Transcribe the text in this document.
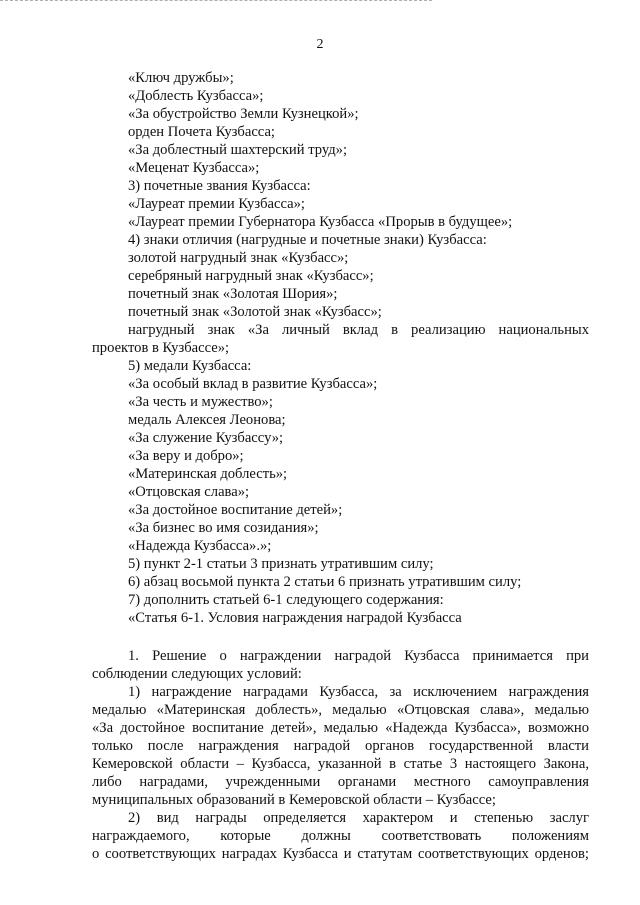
2
«Ключ дружбы»;
«Доблесть Кузбасса»;
«За обустройство Земли Кузнецкой»;
орден Почета Кузбасса;
«За доблестный шахтерский труд»;
«Меценат Кузбасса»;
3) почетные звания Кузбасса:
«Лауреат премии Кузбасса»;
«Лауреат премии Губернатора Кузбасса «Прорыв в будущее»;
4) знаки отличия (нагрудные и почетные знаки) Кузбасса:
золотой нагрудный знак «Кузбасс»;
серебряный нагрудный знак «Кузбасс»;
почетный знак «Золотая Шория»;
почетный знак «Золотой знак «Кузбасс»;
нагрудный знак «За личный вклад в реализацию национальных
проектов в Кузбассе»;
5) медали Кузбасса:
«За особый вклад в развитие Кузбасса»;
«За честь и мужество»;
медаль Алексея Леонова;
«За служение Кузбассу»;
«За веру и добро»;
«Материнская доблесть»;
«Отцовская слава»;
«За достойное воспитание детей»;
«За бизнес во имя созидания»;
«Надежда Кузбасса».»;
5) пункт 2-1 статьи 3 признать утратившим силу;
6) абзац восьмой пункта 2 статьи 6 признать утратившим силу;
7) дополнить статьей 6-1 следующего содержания:
«Статья 6-1. Условия награждения наградой Кузбасса
1. Решение о награждении наградой Кузбасса принимается при
соблюдении следующих условий:
1) награждение наградами Кузбасса, за исключением награждения
медалью «Материнская доблесть», медалью «Отцовская слава», медалью
«За достойное воспитание детей», медалью «Надежда Кузбасса», возможно
только после награждения наградой органов государственной власти
Кемеровской области – Кузбасса, указанной в статье 3 настоящего Закона,
либо наградами, учрежденными органами местного самоуправления
муниципальных образований в Кемеровской области – Кузбассе;
2) вид награды определяется характером и степенью заслуг
награждаемого, которые должны соответствовать положениям
о соответствующих наградах Кузбасса и статутам соответствующих орденов;
